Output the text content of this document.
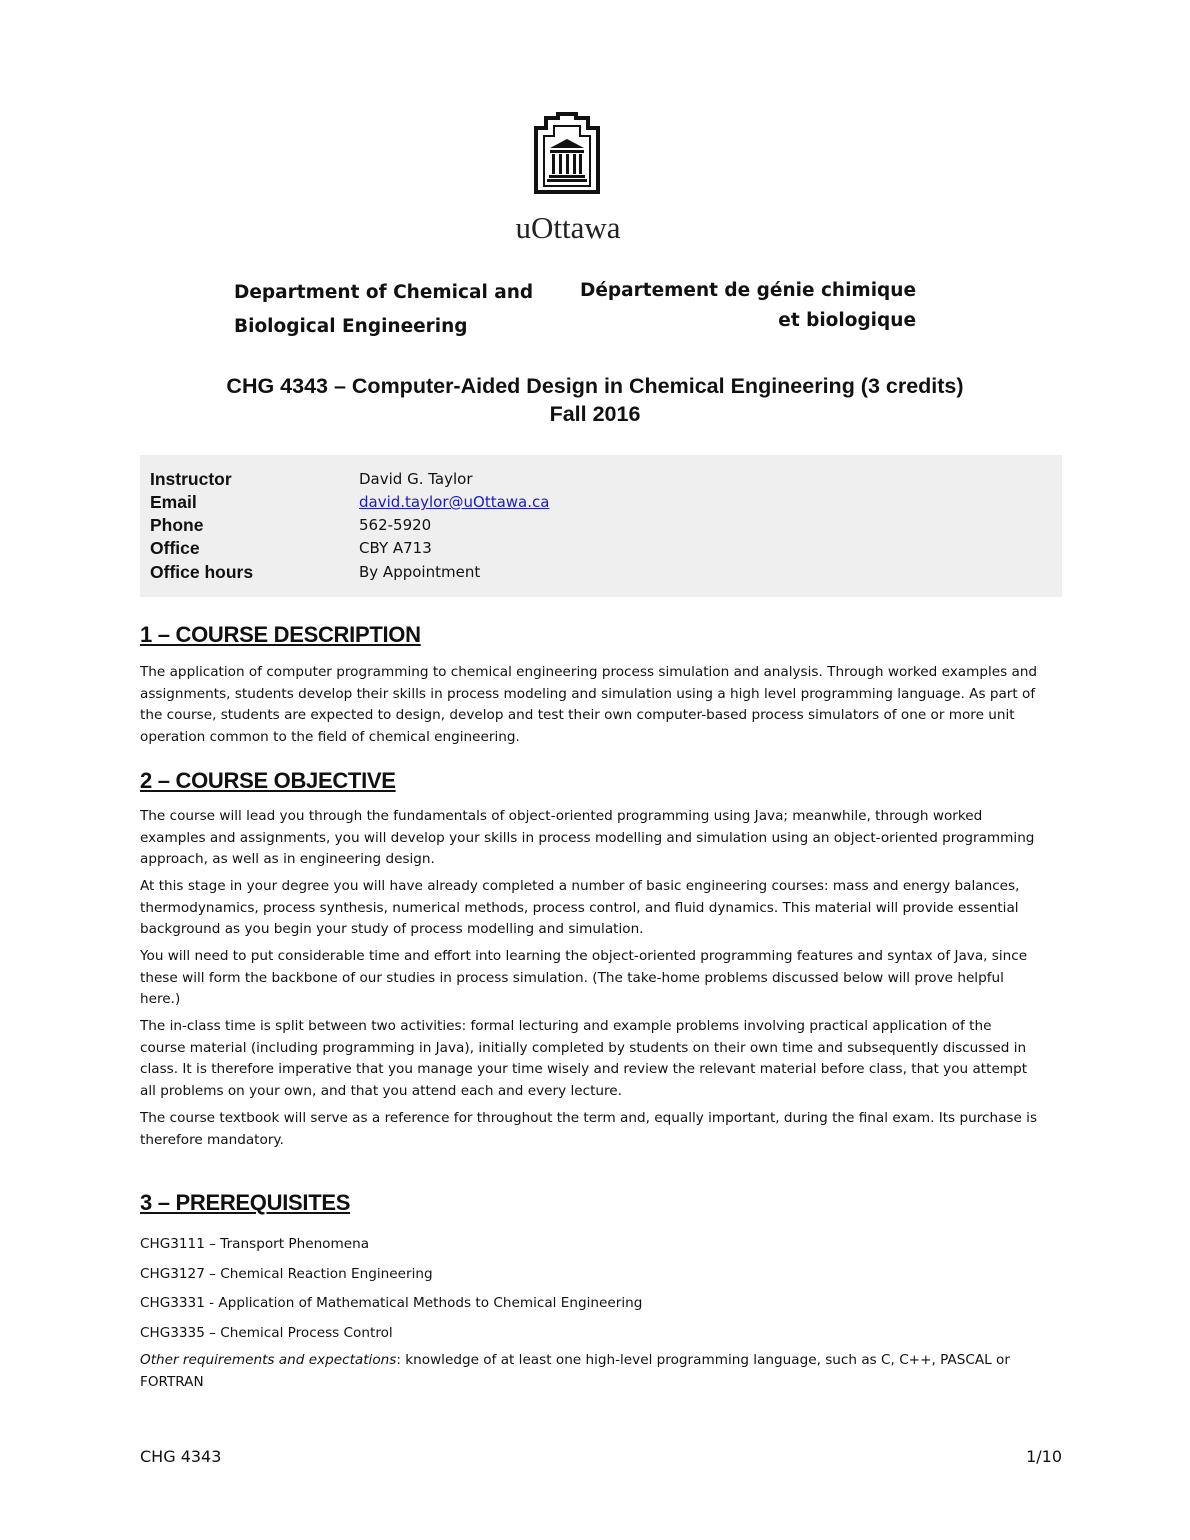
uOttawa
Department of Chemical and
Biological Engineering
Département de génie chimique
et biologique
CHG 4343 – Computer-Aided Design in Chemical Engineering (3 credits)
Fall 2016
Instructor	David G. Taylor
Email	david.taylor@uOttawa.ca
Phone	562-5920
Office	CBY A713
Office hours	By Appointment
1 – COURSE DESCRIPTION

The application of computer programming to chemical engineering process simulation and analysis. Through worked examples and assignments, students develop their skills in process modeling and simulation using a high level programming language. As part of the course, students are expected to design, develop and test their own computer-based process simulators of one or more unit operation common to the field of chemical engineering.

2 – COURSE OBJECTIVE

The course will lead you through the fundamentals of object-oriented programming using Java; meanwhile, through worked examples and assignments, you will develop your skills in process modelling and simulation using an object-oriented programming approach, as well as in engineering design.

At this stage in your degree you will have already completed a number of basic engineering courses: mass and energy balances, thermodynamics, process synthesis, numerical methods, process control, and fluid dynamics. This material will provide essential background as you begin your study of process modelling and simulation.

You will need to put considerable time and effort into learning the object-oriented programming features and syntax of Java, since these will form the backbone of our studies in process simulation. (The take-home problems discussed below will prove helpful here.)

The in-class time is split between two activities: formal lecturing and example problems involving practical application of the course material (including programming in Java), initially completed by students on their own time and subsequently discussed in class. It is therefore imperative that you manage your time wisely and review the relevant material before class, that you attempt all problems on your own, and that you attend each and every lecture.

The course textbook will serve as a reference for throughout the term and, equally important, during the final exam. Its purchase is therefore mandatory.

3 – PREREQUISITES
CHG3111 – Transport Phenomena
CHG3127 – Chemical Reaction Engineering
CHG3331 - Application of Mathematical Methods to Chemical Engineering
CHG3335 – Chemical Process Control

Other requirements and expectations: knowledge of at least one high-level programming language, such as C, C++, PASCAL or FORTRAN

CHG 4343	1/10
